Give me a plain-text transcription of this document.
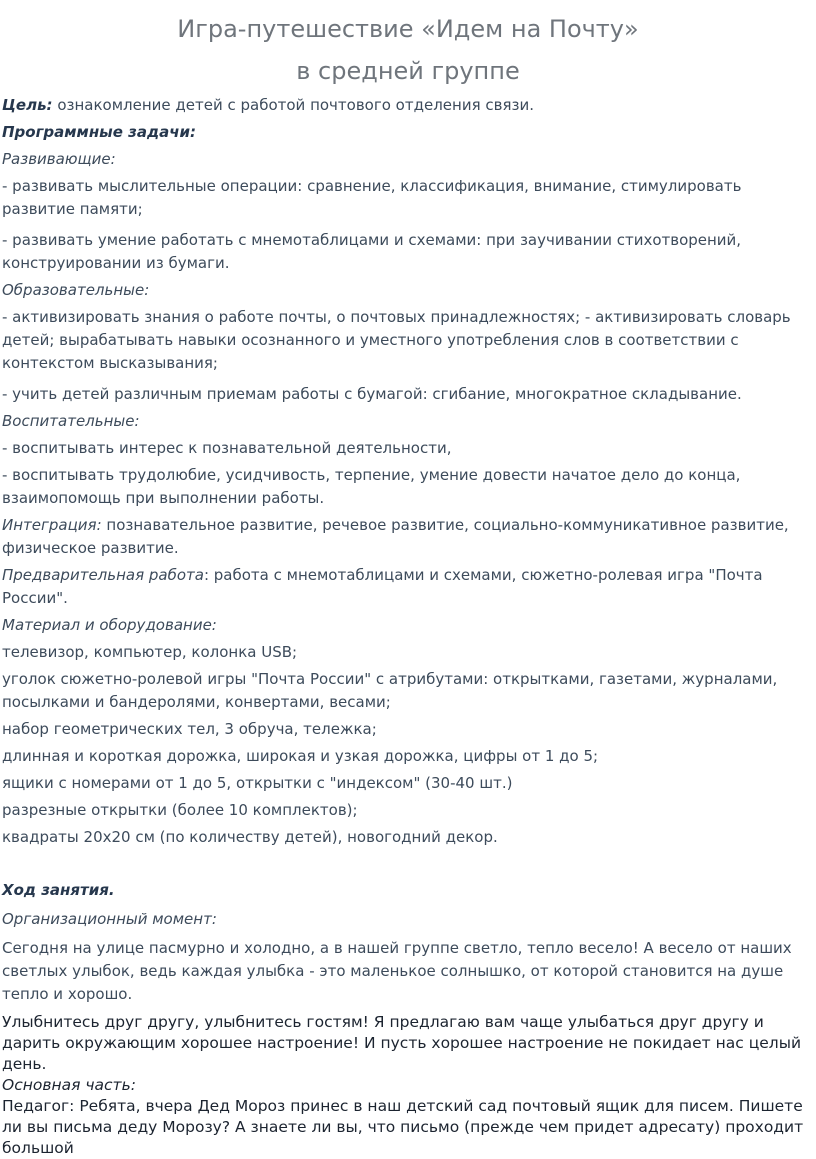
Игра-путешествие «Идем на Почту»
в средней группе

Цель: ознакомление детей с работой почтового отделения связи.

Программные задачи:

Развивающие:

- развивать мыслительные операции: сравнение, классификация, внимание, стимулировать развитие памяти;

- развивать умение работать с мнемотаблицами и схемами: при заучивании стихотворений, конструировании из бумаги.

Образовательные:

- активизировать знания о работе почты, о почтовых принадлежностях; - активизировать словарь детей; вырабатывать навыки осознанного и уместного употребления слов в соответствии с контекстом высказывания;

- учить детей различным приемам работы с бумагой: сгибание, многократное складывание.

Воспитательные:

- воспитывать интерес к познавательной деятельности,

- воспитывать трудолюбие, усидчивость, терпение, умение довести начатое дело до конца, взаимопомощь при выполнении работы.

Интеграция: познавательное развитие, речевое развитие, социально-коммуникативное развитие, физическое развитие.

Предварительная работа: работа с мнемотаблицами и схемами, сюжетно-ролевая игра "Почта России".

Материал и оборудование:

телевизор, компьютер, колонка USB;

уголок сюжетно-ролевой игры "Почта России" с атрибутами: открытками, газетами, журналами, посылками и бандеролями, конвертами, весами;

набор геометрических тел, 3 обруча, тележка;

длинная и короткая дорожка, широкая и узкая дорожка, цифры от 1 до 5;

ящики с номерами от 1 до 5, открытки с "индексом" (30-40 шт.)

разрезные открытки (более 10 комплектов);

квадраты 20х20 см (по количеству детей), новогодний декор.

Ход занятия.

Организационный момент:

Сегодня на улице пасмурно и холодно, а в нашей группе светло, тепло весело! А весело от наших светлых улыбок, ведь каждая улыбка - это маленькое солнышко, от которой становится на душе тепло и хорошо.

Улыбнитесь друг другу, улыбнитесь гостям! Я предлагаю вам чаще улыбаться друг другу и дарить окружающим хорошее настроение! И пусть хорошее настроение не покидает нас целый день.

Основная часть:

Педагог: Ребята, вчера Дед Мороз принес в наш детский сад почтовый ящик для писем. Пишете ли вы письма деду Морозу? А знаете ли вы, что письмо (прежде чем придет адресату) проходит большой
